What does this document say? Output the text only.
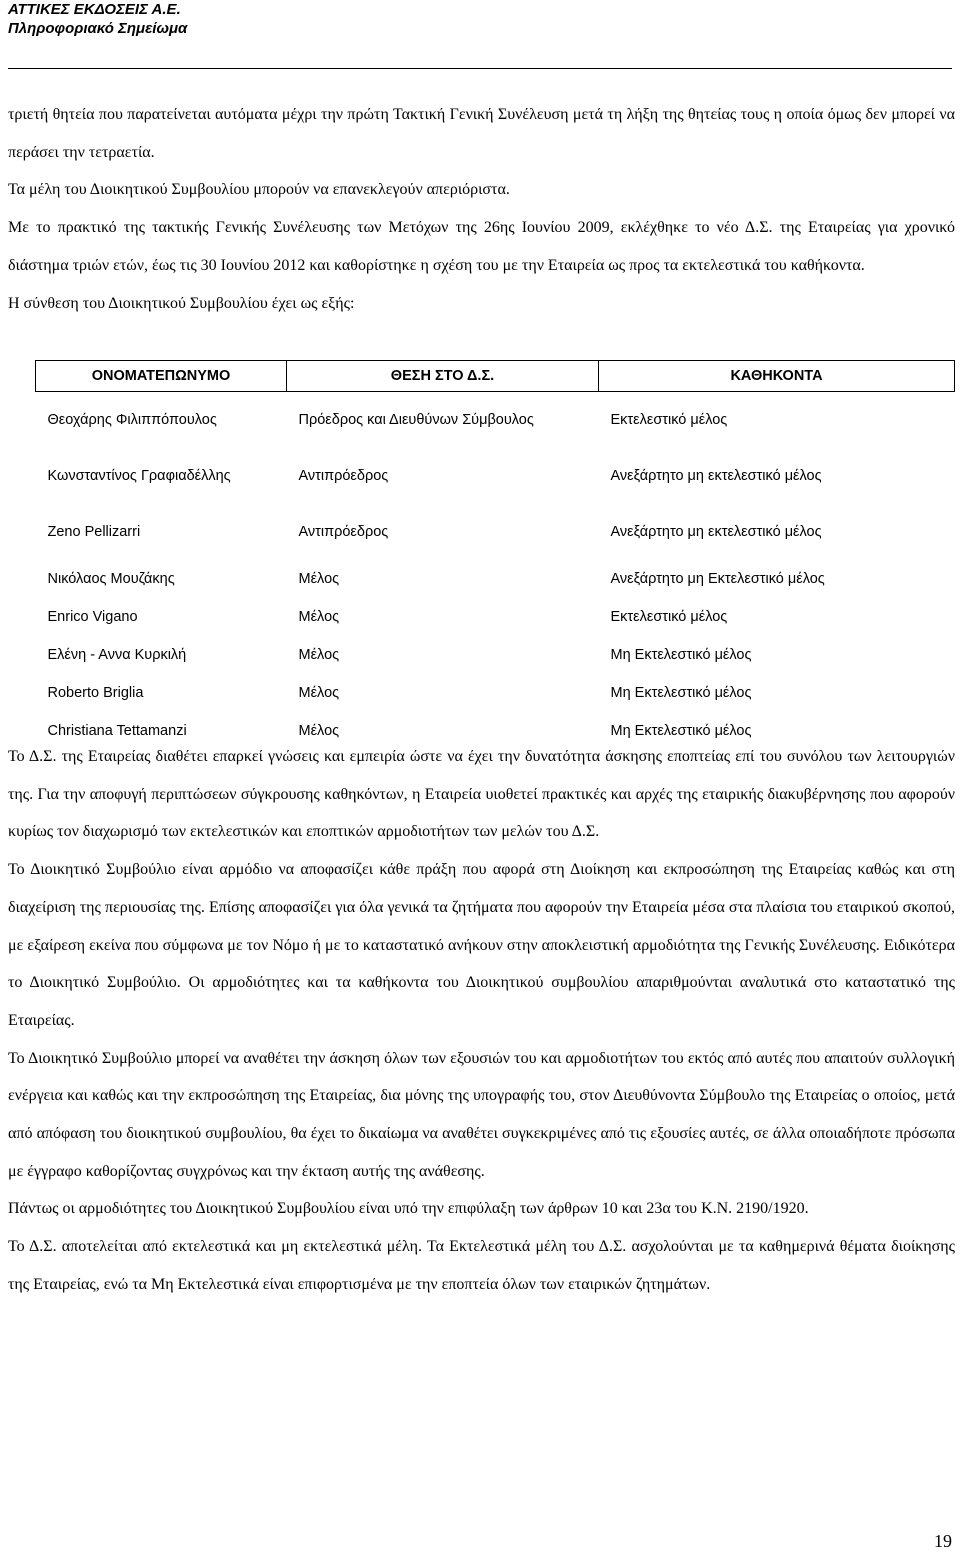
ΑΤΤΙΚΕΣ ΕΚΔΟΣΕΙΣ Α.Ε.
Πληροφοριακό Σημείωμα

τριετή θητεία που παρατείνεται αυτόματα μέχρι την πρώτη Τακτική Γενική Συνέλευση μετά τη λήξη της θητείας τους η οποία όμως δεν μπορεί να περάσει την τετραετία.

Τα μέλη του Διοικητικού Συμβουλίου μπορούν να επανεκλεγούν απεριόριστα.

Με το πρακτικό της τακτικής Γενικής Συνέλευσης των Μετόχων της 26ης Ιουνίου 2009, εκλέχθηκε το νέο Δ.Σ. της Εταιρείας για χρονικό διάστημα τριών ετών, έως τις 30 Ιουνίου 2012 και καθορίστηκε η σχέση του με την Εταιρεία ως προς τα εκτελεστικά του καθήκοντα.

Η σύνθεση του Διοικητικού Συμβουλίου έχει ως εξής:

ΟΝΟΜΑΤΕΠΩΝΥΜΟ	ΘΕΣΗ ΣΤΟ Δ.Σ.	ΚΑΘΗΚΟΝΤΑ
Θεοχάρης Φιλιππόπουλος	Πρόεδρος και Διευθύνων Σύμβουλος	Εκτελεστικό μέλος
Κωνσταντίνος Γραφιαδέλλης	Αντιπρόεδρος	Ανεξάρτητο μη εκτελεστικό μέλος
Zeno Pellizarri	Αντιπρόεδρος	Ανεξάρτητο μη εκτελεστικό μέλος
Νικόλαος Μουζάκης	Μέλος	Ανεξάρτητο μη Εκτελεστικό μέλος
Enrico Vigano	Μέλος	Εκτελεστικό μέλος
Ελένη - Αννα Κυρκιλή	Μέλος	Μη Εκτελεστικό μέλος
Roberto Briglia	Μέλος	Μη Εκτελεστικό μέλος
Christiana Tettamanzi	Μέλος	Μη Εκτελεστικό μέλος

Το Δ.Σ. της Εταιρείας διαθέτει επαρκεί γνώσεις και εμπειρία ώστε να έχει την δυνατότητα άσκησης εποπτείας επί του συνόλου των λειτουργιών της. Για την αποφυγή περιπτώσεων σύγκρουσης καθηκόντων, η Εταιρεία υιοθετεί πρακτικές και αρχές της εταιρικής διακυβέρνησης που αφορούν κυρίως τον διαχωρισμό των εκτελεστικών και εποπτικών αρμοδιοτήτων των μελών του Δ.Σ.

Το Διοικητικό Συμβούλιο είναι αρμόδιο να αποφασίζει κάθε πράξη που αφορά στη Διοίκηση και εκπροσώπηση της Εταιρείας καθώς και στη διαχείριση της περιουσίας της. Επίσης αποφασίζει για όλα γενικά τα ζητήματα που αφορούν την Εταιρεία μέσα στα πλαίσια του εταιρικού σκοπού, με εξαίρεση εκείνα που σύμφωνα με τον Νόμο ή με το καταστατικό ανήκουν στην αποκλειστική αρμοδιότητα της Γενικής Συνέλευσης. Ειδικότερα το Διοικητικό Συμβούλιο. Οι αρμοδιότητες και τα καθήκοντα του Διοικητικού συμβουλίου απαριθμούνται αναλυτικά στο καταστατικό της Εταιρείας.

Το Διοικητικό Συμβούλιο μπορεί να αναθέτει την άσκηση όλων των εξουσιών του και αρμοδιοτήτων του εκτός από αυτές που απαιτούν συλλογική ενέργεια και καθώς και την εκπροσώπηση της Εταιρείας, δια μόνης της υπογραφής του, στον Διευθύνοντα Σύμβουλο της Εταιρείας ο οποίος, μετά από απόφαση του διοικητικού συμβουλίου, θα έχει το δικαίωμα να αναθέτει συγκεκριμένες από τις εξουσίες αυτές, σε άλλα οποιαδήποτε πρόσωπα με έγγραφο καθορίζοντας συγχρόνως και την έκταση αυτής της ανάθεσης.

Πάντως οι αρμοδιότητες του Διοικητικού Συμβουλίου είναι υπό την επιφύλαξη των άρθρων 10 και 23α του Κ.Ν. 2190/1920.

Το Δ.Σ. αποτελείται από εκτελεστικά και μη εκτελεστικά μέλη. Τα Εκτελεστικά μέλη του Δ.Σ. ασχολούνται με τα καθημερινά θέματα διοίκησης της Εταιρείας, ενώ τα Μη Εκτελεστικά είναι επιφορτισμένα με την εποπτεία όλων των εταιρικών ζητημάτων.

19
